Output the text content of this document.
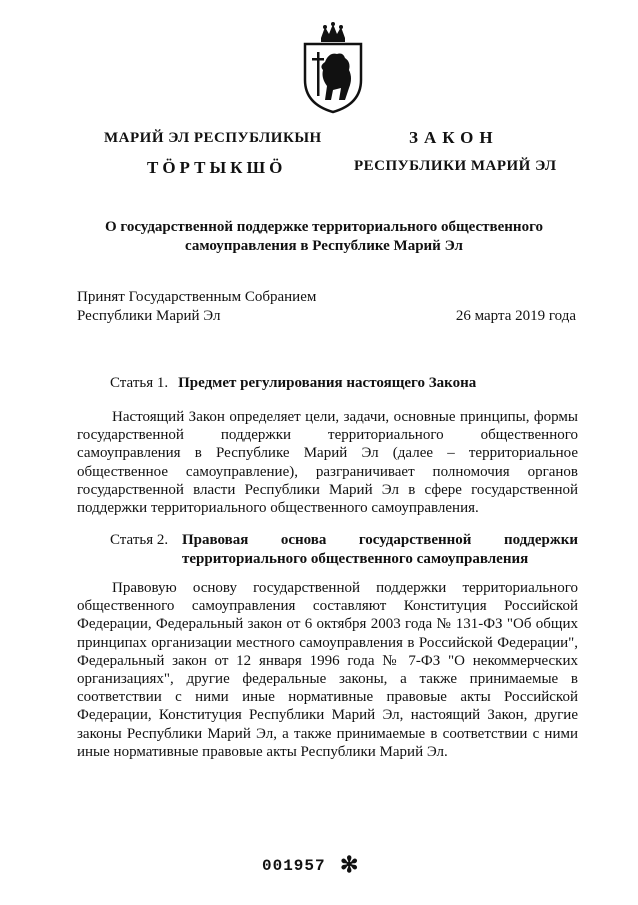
МАРИЙ ЭЛ РЕСПУБЛИКЫН
ТӦРТЫКШӦ
ЗАКОН
РЕСПУБЛИКИ МАРИЙ ЭЛ
О государственной поддержке территориального общественного самоуправления в Республике Марий Эл
Принят Государственным Собранием
Республики Марий Эл	26 марта 2019 года
Статья 1. Предмет регулирования настоящего Закона
Настоящий Закон определяет цели, задачи, основные принципы, формы государственной поддержки территориального общественного самоуправления в Республике Марий Эл (далее – территориальное общественное самоуправление), разграничивает полномочия органов государственной власти Республики Марий Эл в сфере государственной поддержки территориального общественного самоуправления.
Статья 2. Правовая основа государственной поддержки территориального общественного самоуправления
Правовую основу государственной поддержки территориального общественного самоуправления составляют Конституция Российской Федерации, Федеральный закон от 6 октября 2003 года № 131-ФЗ "Об общих принципах организации местного самоуправления в Российской Федерации", Федеральный закон от 12 января 1996 года № 7-ФЗ "О некоммерческих организациях", другие федеральные законы, а также принимаемые в соответствии с ними иные нормативные правовые акты Российской Федерации, Конституция Республики Марий Эл, настоящий Закон, другие законы Республики Марий Эл, а также принимаемые в соответствии с ними иные нормативные правовые акты Республики Марий Эл.
001957 ✻
